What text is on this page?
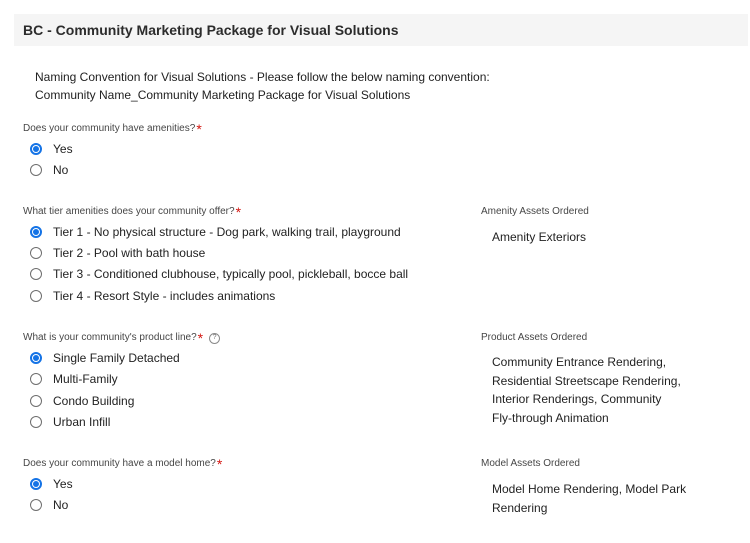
BC - Community Marketing Package for Visual Solutions
Naming Convention for Visual Solutions - Please follow the below naming convention:
Community Name_Community Marketing Package for Visual Solutions
Does your community have amenities? *
Yes
No
What tier amenities does your community offer? *
Tier 1 - No physical structure - Dog park, walking trail, playground
Tier 2 - Pool with bath house
Tier 3 - Conditioned clubhouse, typically pool, pickleball, bocce ball
Tier 4 - Resort Style - includes animations
Amenity Assets Ordered
Amenity Exteriors
What is your community's product line? *	?
Single Family Detached
Multi-Family
Condo Building
Urban Infill
Product Assets Ordered
Community Entrance Rendering, Residential Streetscape Rendering, Interior Renderings, Community Fly-through Animation
Does your community have a model home? *
Yes
No
Model Assets Ordered
Model Home Rendering, Model Park Rendering
